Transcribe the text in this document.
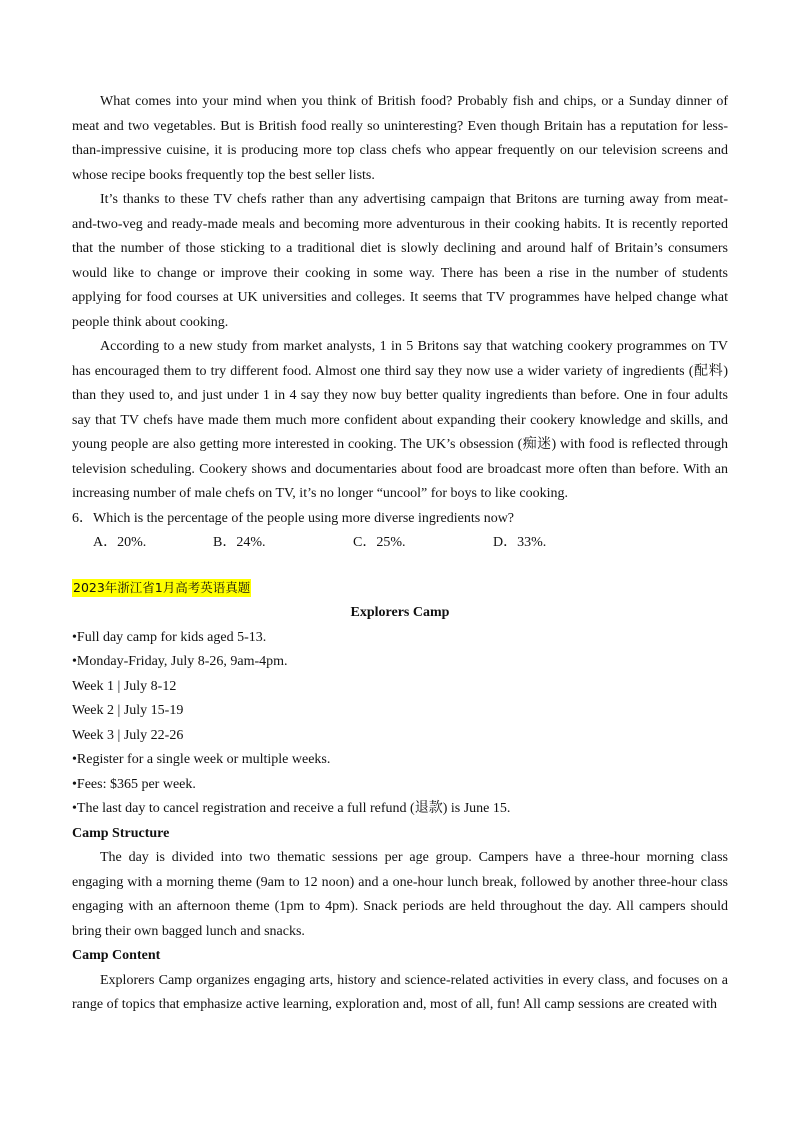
What comes into your mind when you think of British food? Probably fish and chips, or a Sunday dinner of meat and two vegetables. But is British food really so uninteresting? Even though Britain has a reputation for less-than-impressive cuisine, it is producing more top class chefs who appear frequently on our television screens and whose recipe books frequently top the best seller lists.

It’s thanks to these TV chefs rather than any advertising campaign that Britons are turning away from meat-and-two-veg and ready-made meals and becoming more adventurous in their cooking habits. It is recently reported that the number of those sticking to a traditional diet is slowly declining and around half of Britain’s consumers would like to change or improve their cooking in some way. There has been a rise in the number of students applying for food courses at UK universities and colleges. It seems that TV programmes have helped change what people think about cooking.

According to a new study from market analysts, 1 in 5 Britons say that watching cookery programmes on TV has encouraged them to try different food. Almost one third say they now use a wider variety of ingredients (配料) than they used to, and just under 1 in 4 say they now buy better quality ingredients than before. One in four adults say that TV chefs have made them much more confident about expanding their cookery knowledge and skills, and young people are also getting more interested in cooking. The UK’s obsession (痴迷) with food is reflected through television scheduling. Cookery shows and documentaries about food are broadcast more often than before. With an increasing number of male chefs on TV, it’s no longer “uncool” for boys to like cooking.

6．Which is the percentage of the people using more diverse ingredients now?
A．20%.	B．24%.	C．25%.	D．33%.
2023年浙江省1月高考英语真题
Explorers Camp
•Full day camp for kids aged 5-13.
•Monday-Friday, July 8-26, 9am-4pm.
Week 1 | July 8-12
Week 2 | July 15-19
Week 3 | July 22-26
•Register for a single week or multiple weeks.
•Fees: $365 per week.
•The last day to cancel registration and receive a full refund (退款) is June 15.
Camp Structure

The day is divided into two thematic sessions per age group. Campers have a three-hour morning class engaging with a morning theme (9am to 12 noon) and a one-hour lunch break, followed by another three-hour class engaging with an afternoon theme (1pm to 4pm). Snack periods are held throughout the day. All campers should bring their own bagged lunch and snacks.

Camp Content

Explorers Camp organizes engaging arts, history and science-related activities in every class, and focuses on a range of topics that emphasize active learning, exploration and, most of all, fun! All camp sessions are created with
